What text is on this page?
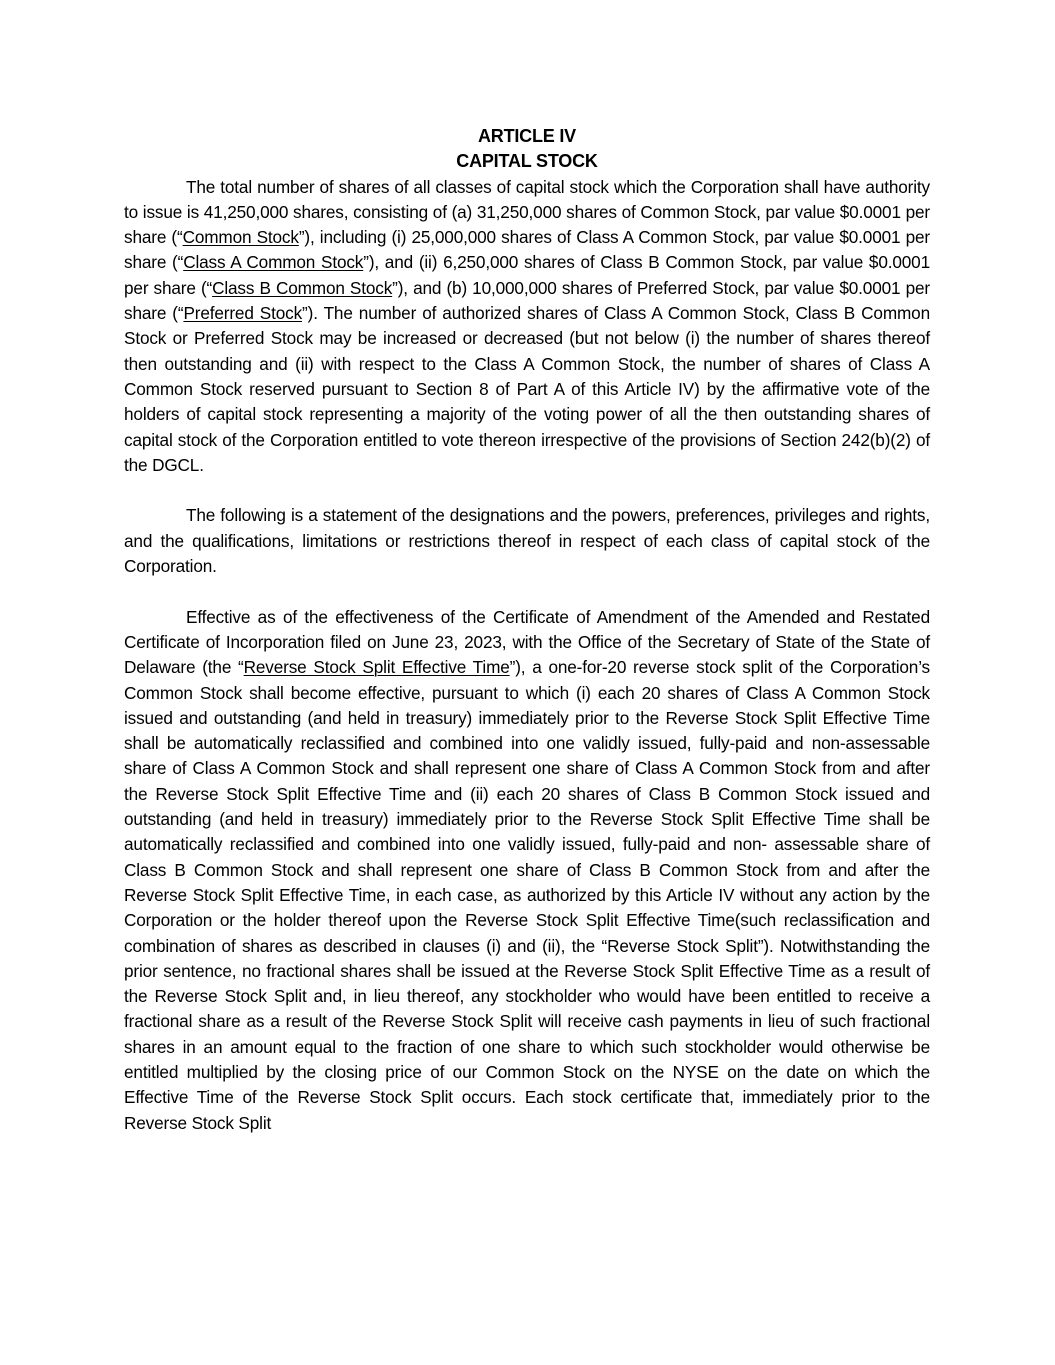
ARTICLE IV
CAPITAL STOCK

The total number of shares of all classes of capital stock which the Corporation shall have authority to issue is 41,250,000 shares, consisting of (a) 31,250,000 shares of Common Stock, par value $0.0001 per share (“Common Stock”), including (i) 25,000,000 shares of Class A Common Stock, par value $0.0001 per share (“Class A Common Stock”), and (ii) 6,250,000 shares of Class B Common Stock, par value $0.0001 per share (“Class B Common Stock”), and (b) 10,000,000 shares of Preferred Stock, par value $0.0001 per share (“Preferred Stock”). The number of authorized shares of Class A Common Stock, Class B Common Stock or Preferred Stock may be increased or decreased (but not below (i) the number of shares thereof then outstanding and (ii) with respect to the Class A Common Stock, the number of shares of Class A Common Stock reserved pursuant to Section 8 of Part A of this Article IV) by the affirmative vote of the holders of capital stock representing a majority of the voting power of all the then outstanding shares of capital stock of the Corporation entitled to vote thereon irrespective of the provisions of Section 242(b)(2) of the DGCL.

The following is a statement of the designations and the powers, preferences, privileges and rights, and the qualifications, limitations or restrictions thereof in respect of each class of capital stock of the Corporation.

Effective as of the effectiveness of the Certificate of Amendment of the Amended and Restated Certificate of Incorporation filed on June 23, 2023, with the Office of the Secretary of State of the State of Delaware (the “Reverse Stock Split Effective Time”), a one-for-20 reverse stock split of the Corporation’s Common Stock shall become effective, pursuant to which (i) each 20 shares of Class A Common Stock issued and outstanding (and held in treasury) immediately prior to the Reverse Stock Split Effective Time shall be automatically reclassified and combined into one validly issued, fully-paid and non-assessable share of Class A Common Stock and shall represent one share of Class A Common Stock from and after the Reverse Stock Split Effective Time and (ii) each 20 shares of Class B Common Stock issued and outstanding (and held in treasury) immediately prior to the Reverse Stock Split Effective Time shall be automatically reclassified and combined into one validly issued, fully-paid and non- assessable share of Class B Common Stock and shall represent one share of Class B Common Stock from and after the Reverse Stock Split Effective Time, in each case, as authorized by this Article IV without any action by the Corporation or the holder thereof upon the Reverse Stock Split Effective Time(such reclassification and combination of shares as described in clauses (i) and (ii), the “Reverse Stock Split”). Notwithstanding the prior sentence, no fractional shares shall be issued at the Reverse Stock Split Effective Time as a result of the Reverse Stock Split and, in lieu thereof, any stockholder who would have been entitled to receive a fractional share as a result of the Reverse Stock Split will receive cash payments in lieu of such fractional shares in an amount equal to the fraction of one share to which such stockholder would otherwise be entitled multiplied by the closing price of our Common Stock on the NYSE on the date on which the Effective Time of the Reverse Stock Split occurs. Each stock certificate that, immediately prior to the Reverse Stock Split
